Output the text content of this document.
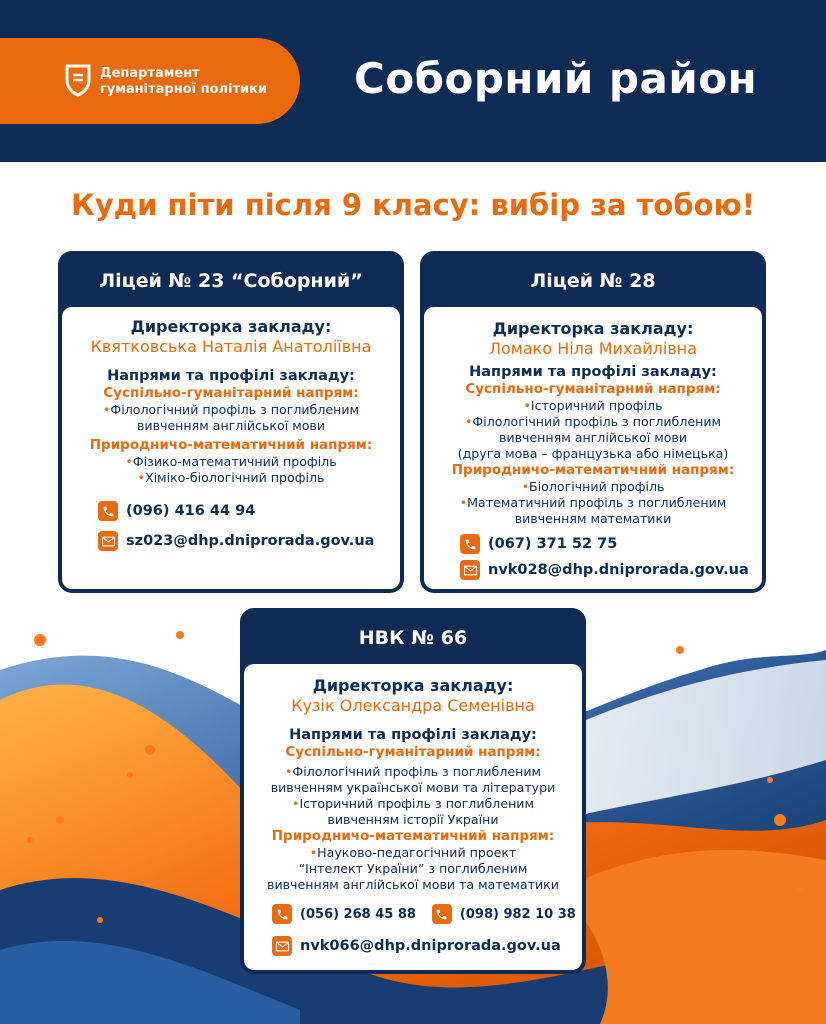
Департамент
гуманітарної політики Соборний район
Куди піти після 9 класу: вибір за тобою!
Ліцей № 23 “Соборний”
Директорка закладу:
Квятковська Наталія Анатоліївна
Напрями та профілі закладу:
Суспільно-гуманітарний напрям:
•Філологічний профіль з поглибленим
вивченням англійської мови
Природничо-математичний напрям:
•Фізико-математичний профіль
•Хіміко-біологічний профіль
(096) 416 44 94
sz023@dhp.dniprorada.gov.ua
Ліцей № 28
Директорка закладу:
Ломако Ніла Михайлівна
Напрями та профілі закладу:
Суспільно-гуманітарний напрям:
•Історичний профіль
•Філологічний профіль з поглибленим
вивченням англійської мови
(друга мова – французька або німецька)
Природничо-математичний напрям:
•Біологічний профіль
•Математичний профіль з поглибленим
вивченням математики
(067) 371 52 75
nvk028@dhp.dniprorada.gov.ua
НВК № 66
Директорка закладу:
Кузік Олександра Семенівна
Напрями та профілі закладу:
Суспільно-гуманітарний напрям:
•Філологічний профіль з поглибленим
вивченням української мови та літератури
•Історичний профіль з поглибленим
вивченням історії України
Природничо-математичний напрям:
•Науково-педагогічний проект
“Інтелект України” з поглибленим
вивченням англійської мови та математики
(056) 268 45 88	(098) 982 10 38
nvk066@dhp.dniprorada.gov.ua
